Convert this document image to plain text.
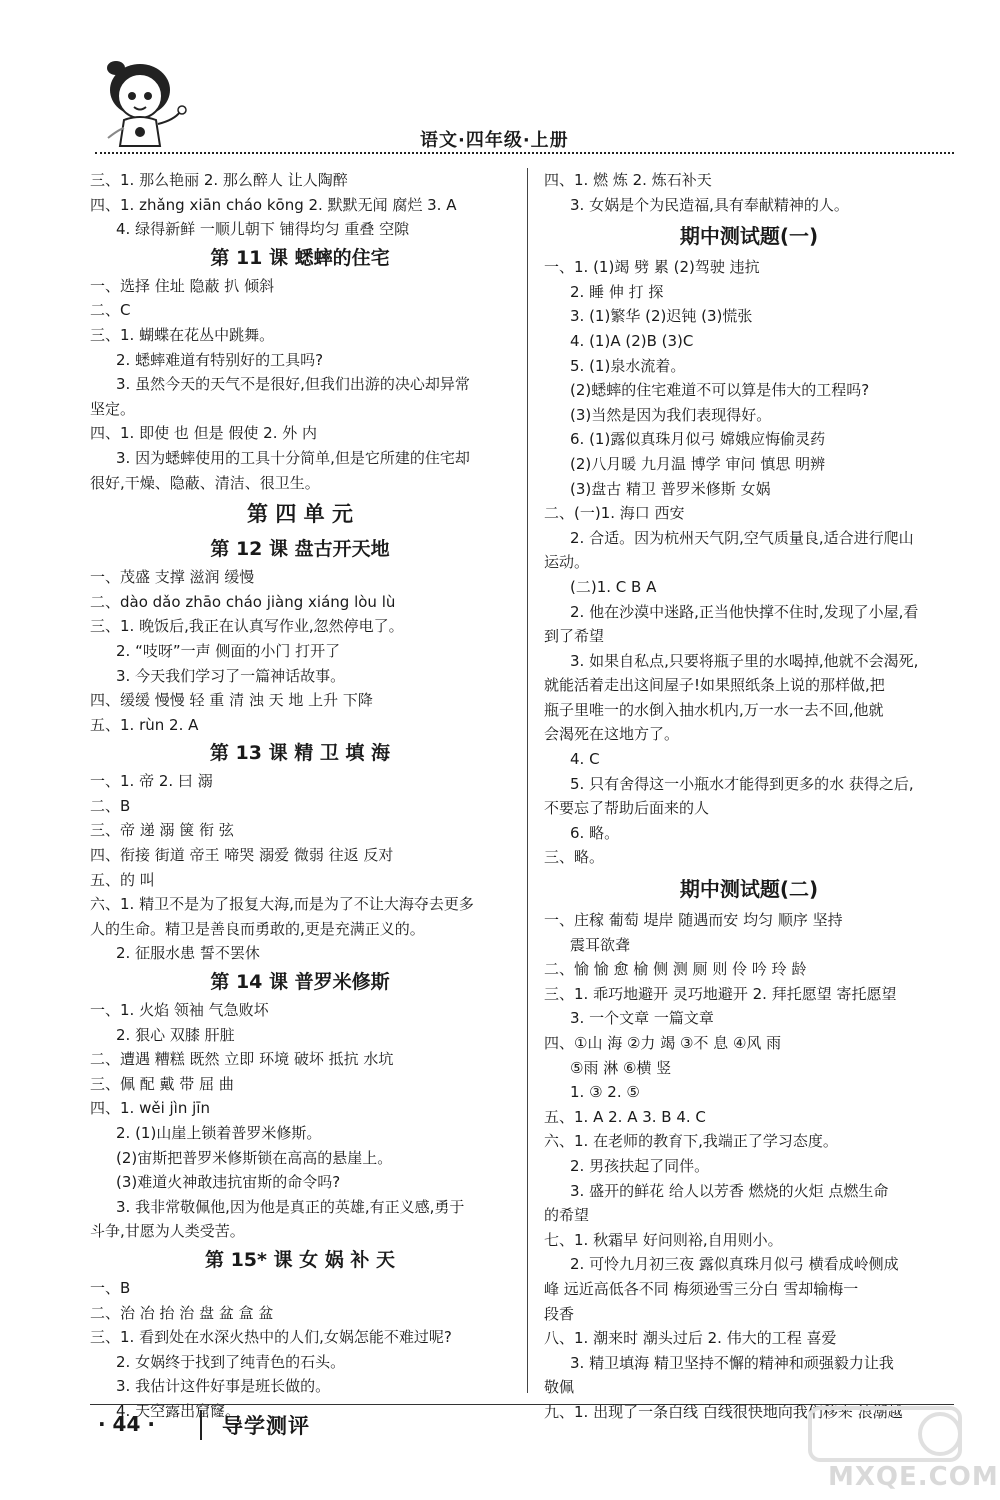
语文·四年级·上册
三、1. 那么艳丽 2. 那么醉人 让人陶醉
四、1. zhǎng xiān cháo kōng 2. 默默无闻 腐烂 3. A
4. 绿得新鲜 一顺儿朝下 铺得均匀 重叠 空隙
第 11 课 蟋蟀的住宅
一、选择 住址 隐蔽 扒 倾斜
二、C
三、1. 蝴蝶在花丛中跳舞。
2. 蟋蟀难道有特别好的工具吗?
3. 虽然今天的天气不是很好,但我们出游的决心却异常
坚定。
四、1. 即使 也 但是 假使 2. 外 内
3. 因为蟋蟀使用的工具十分简单,但是它所建的住宅却
很好,干燥、隐蔽、清洁、很卫生。
第 四 单 元
第 12 课 盘古开天地
一、茂盛 支撑 滋润 缓慢
二、dào dǎo zhāo cháo jiàng xiáng lòu lù
三、1. 晚饭后,我正在认真写作业,忽然停电了。
2. “吱呀”一声 侧面的小门 打开了
3. 今天我们学习了一篇神话故事。
四、缓缓 慢慢 轻 重 清 浊 天 地 上升 下降
五、1. rùn 2. A
第 13 课 精 卫 填 海
一、1. 帝 2. 曰 溺
二、B
三、帝 递 溺 箧 衔 弦
四、衔接 街道 帝王 啼哭 溺爱 微弱 往返 反对
五、的 叫
六、1. 精卫不是为了报复大海,而是为了不让大海夺去更多
人的生命。精卫是善良而勇敢的,更是充满正义的。
2. 征服水患 誓不罢休
第 14 课 普罗米修斯
一、1. 火焰 领袖 气急败坏
2. 狠心 双膝 肝脏
二、遭遇 糟糕 既然 立即 环境 破坏 抵抗 水坑
三、佩 配 戴 带 屈 曲
四、1. wěi jìn jīn
2. (1)山崖上锁着普罗米修斯。
(2)宙斯把普罗米修斯锁在高高的悬崖上。
(3)难道火神敢违抗宙斯的命令吗?
3. 我非常敬佩他,因为他是真正的英雄,有正义感,勇于
斗争,甘愿为人类受苦。
第 15* 课 女 娲 补 天
一、B
二、治 冶 抬 治 盘 盆 盒 盆
三、1. 看到处在水深火热中的人们,女娲怎能不难过呢?
2. 女娲终于找到了纯青色的石头。
3. 我估计这件好事是班长做的。
4. 天空露出窟窿。
四、1. 燃 炼 2. 炼石补天
3. 女娲是个为民造福,具有奉献精神的人。
期中测试题(一)
一、1. (1)竭 劈 累 (2)驾驶 违抗
2. 睡 伸 打 探
3. (1)繁华 (2)迟钝 (3)慌张
4. (1)A (2)B (3)C
5. (1)泉水流着。
(2)蟋蟀的住宅难道不可以算是伟大的工程吗?
(3)当然是因为我们表现得好。
6. (1)露似真珠月似弓 嫦娥应悔偷灵药
(2)八月暖 九月温 博学 审问 慎思 明辨
(3)盘古 精卫 普罗米修斯 女娲
二、(一)1. 海口 西安
2. 合适。因为杭州天气阴,空气质量良,适合进行爬山
运动。
(二)1. C B A
2. 他在沙漠中迷路,正当他快撑不住时,发现了小屋,看
到了希望
3. 如果自私点,只要将瓶子里的水喝掉,他就不会渴死,
就能活着走出这间屋子!如果照纸条上说的那样做,把
瓶子里唯一的水倒入抽水机内,万一水一去不回,他就
会渴死在这地方了。
4. C
5. 只有舍得这一小瓶水才能得到更多的水 获得之后,
不要忘了帮助后面来的人
6. 略。
三、略。
期中测试题(二)
一、庄稼 葡萄 堤岸 随遇而安 均匀 顺序 坚持
震耳欲聋
二、愉 愉 愈 榆 侧 测 厕 则 伶 吟 玲 龄
三、1. 乖巧地避开 灵巧地避开 2. 拜托愿望 寄托愿望
3. 一个文章 一篇文章
四、①山 海 ②力 竭 ③不 息 ④风 雨
⑤雨 淋 ⑥横 竖
1. ③ 2. ⑤
五、1. A 2. A 3. B 4. C
六、1. 在老师的教育下,我端正了学习态度。
2. 男孩扶起了同伴。
3. 盛开的鲜花 给人以芳香 燃烧的火炬 点燃生命
的希望
七、1. 秋霜早 好问则裕,自用则小。
2. 可怜九月初三夜 露似真珠月似弓 横看成岭侧成
峰 远近高低各不同 梅须逊雪三分白 雪却输梅一
段香
八、1. 潮来时 潮头过后 2. 伟大的工程 喜爱
3. 精卫填海 精卫坚持不懈的精神和顽强毅力让我
敬佩
九、1. 出现了一条白线 白线很快地向我们移来 浪潮越
· 44 ·	导学测评
MXQE.COM
